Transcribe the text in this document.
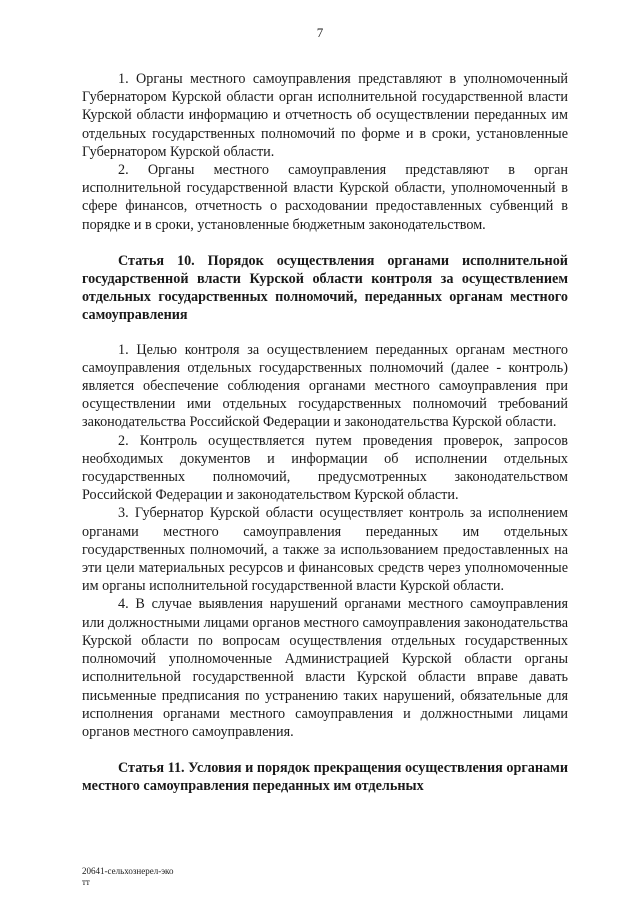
7

1. Органы местного самоуправления представляют в уполномоченный Губернатором Курской области орган исполнительной государственной власти Курской области информацию и отчетность об осуществлении переданных им отдельных государственных полномочий по форме и в сроки, установленные Губернатором Курской области.

2. Органы местного самоуправления представляют в орган исполнительной государственной власти Курской области, уполномоченный в сфере финансов, отчетность о расходовании предоставленных субвенций в порядке и в сроки, установленные бюджетным законодательством.

Статья 10. Порядок осуществления органами исполнительной государственной власти Курской области контроля за осуществлением отдельных государственных полномочий, переданных органам местного самоуправления

1. Целью контроля за осуществлением переданных органам местного самоуправления отдельных государственных полномочий (далее - контроль) является обеспечение соблюдения органами местного самоуправления при осуществлении ими отдельных государственных полномочий требований законодательства Российской Федерации и законодательства Курской области.

2. Контроль осуществляется путем проведения проверок, запросов необходимых документов и информации об исполнении отдельных государственных полномочий, предусмотренных законодательством Российской Федерации и законодательством Курской области.

3. Губернатор Курской области осуществляет контроль за исполнением органами местного самоуправления переданных им отдельных государственных полномочий, а также за использованием предоставленных на эти цели материальных ресурсов и финансовых средств через уполномоченные им органы исполнительной государственной власти Курской области.

4. В случае выявления нарушений органами местного самоуправления или должностными лицами органов местного самоуправления законодательства Курской области по вопросам осуществления отдельных государственных полномочий уполномоченные Администрацией Курской области органы исполнительной государственной власти Курской области вправе давать письменные предписания по устранению таких нарушений, обязательные для исполнения органами местного самоуправления и должностными лицами органов местного самоуправления.

Статья 11. Условия и порядок прекращения осуществления органами местного самоуправления переданных им отдельных
20641-сельхознерел-эко
тт
